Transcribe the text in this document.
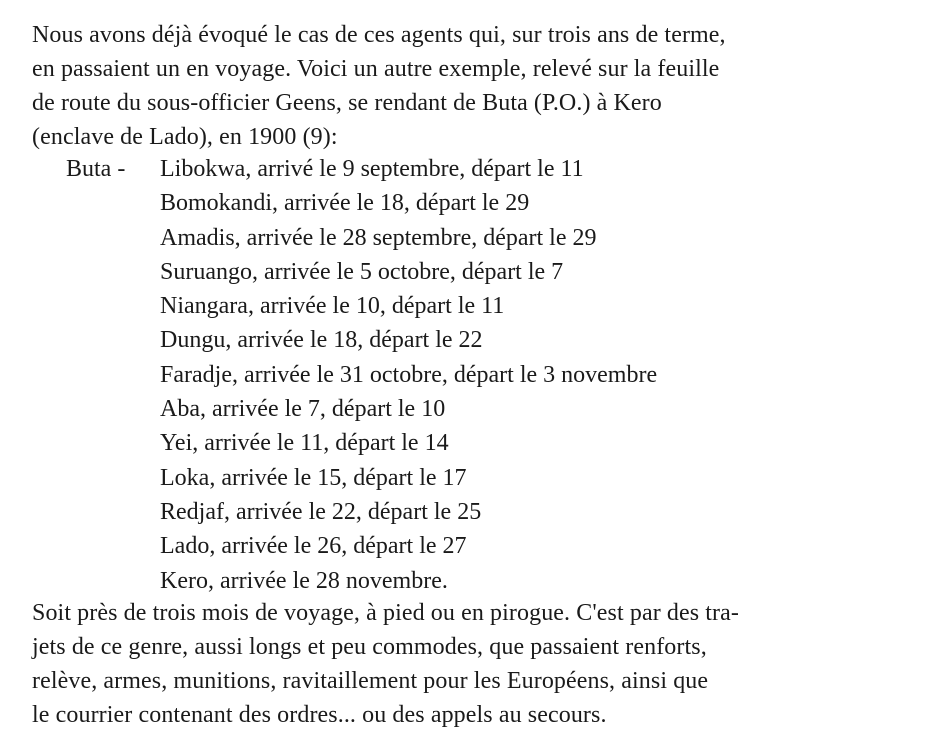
Nous avons déjà évoqué le cas de ces agents qui, sur trois ans de terme,
en passaient un en voyage. Voici un autre exemple, relevé sur la feuille
de route du sous-officier Geens, se rendant de Buta (P.O.) à Kero
(enclave de Lado), en 1900 (9):
Buta - Libokwa, arrivé le 9 septembre, départ le 11
Bomokandi, arrivée le 18, départ le 29
Amadis, arrivée le 28 septembre, départ le 29
Suruango, arrivée le 5 octobre, départ le 7
Niangara, arrivée le 10, départ le 11
Dungu, arrivée le 18, départ le 22
Faradje, arrivée le 31 octobre, départ le 3 novembre
Aba, arrivée le 7, départ le 10
Yei, arrivée le 11, départ le 14
Loka, arrivée le 15, départ le 17
Redjaf, arrivée le 22, départ le 25
Lado, arrivée le 26, départ le 27
Kero, arrivée le 28 novembre.
Soit près de trois mois de voyage, à pied ou en pirogue. C'est par des tra-
jets de ce genre, aussi longs et peu commodes, que passaient renforts,
relève, armes, munitions, ravitaillement pour les Européens, ainsi que
le courrier contenant des ordres... ou des appels au secours.
